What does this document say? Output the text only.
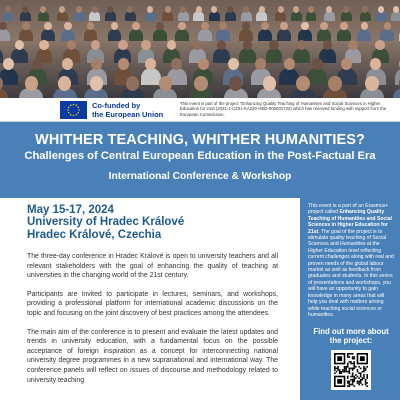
Co-funded by
the European Union
This event is part of the project “Enhancing Quality Teaching of Humanities and Social Sciences in Higher Education for 21st (2021-1-CZ01-KA220-HED-000031722) which has received funding with support from the European Commission.
WHITHER TEACHING, WHITHER HUMANITIES?
Challenges of Central European Education in the Post-Factual Era
International Conference & Workshop
May 15-17, 2024
University of Hradec Králové
Hradec Králové, Czechia

The three-day conference in Hradec Králové is open to university teachers and all relevant stakeholders with the goal of enhancing the quality of teaching at universities in the changing world of the 21st century.

Participants are invited to participate in lectures, seminars, and workshops, providing a professional platform for international academic discussions on the topic and focusing on the joint discovery of best practices among the attendees.

The main aim of the conference is to present and evaluate the latest updates and trends in university education, with a fundamental focus on the possible acceptance of foreign inspiration as a concept for interconnecting national university degree programmes in a new supranational and international way. The conference panels will reflect on issues of discourse and methodology related to university teaching

This event is a part of an Erasmus+ project called Enhancing Quality Teaching of Humanities and Social Sciences in Higher Education for 21st. The goal of the project is to stimulate quality teaching of Social Sciences and Humanities at the Higher Education level reflecting current challenges along with real and proven needs of the global labour market as well as feedback from graduates and students. In this series of presentations and workshops, you will have an opportunity to gain knowledge in many areas that will help you deal with matters arising while teaching social sciences or humanities.
Find out more about the project:
